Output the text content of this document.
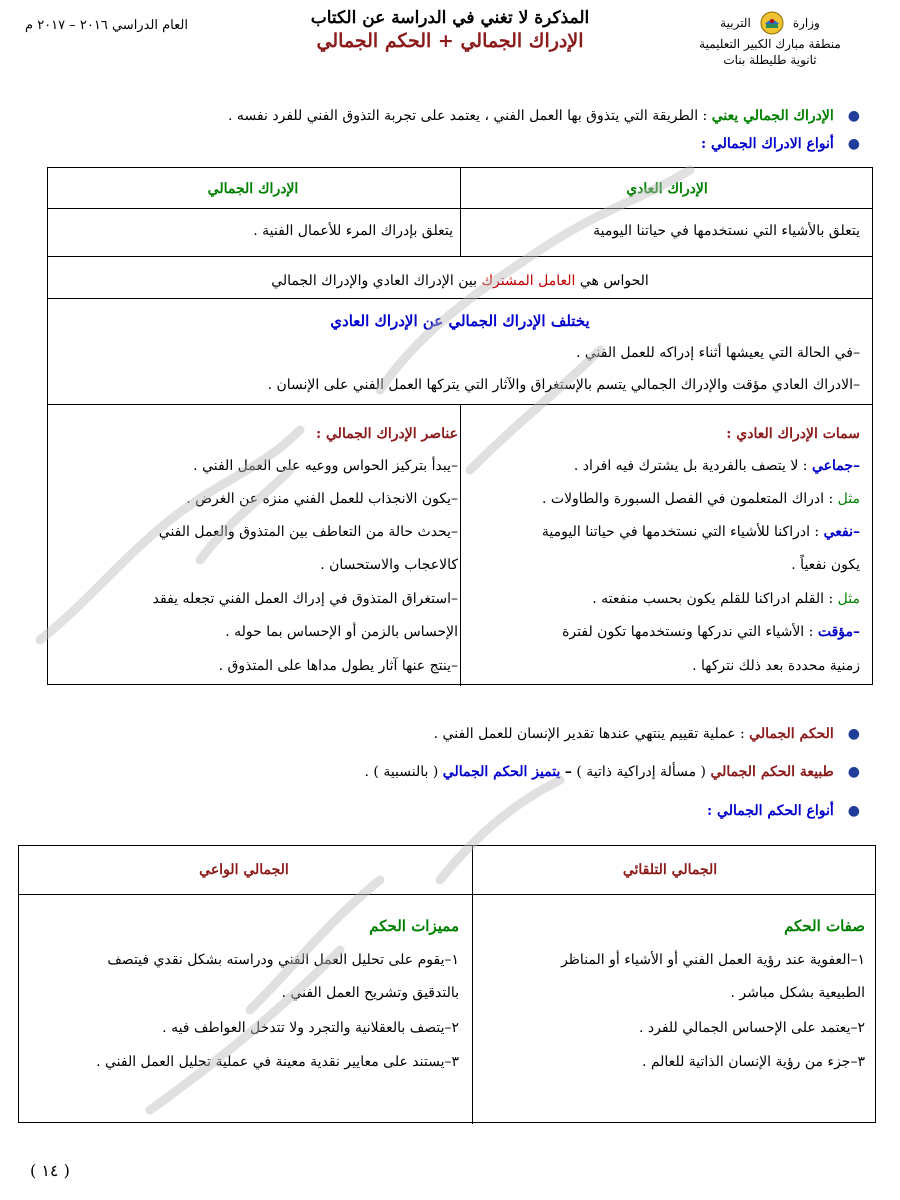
وزارة
التربية
منطقة مبارك الكبير التعليمية
ثانوية طليطلة بنات
المذكرة لا تغني في الدراسة عن الكتاب
الإدراك الجمالي + الحكم الجمالي
العام الدراسي ٢٠١٦ – ٢٠١٧ م
●الإدراك الجمالي يعني : الطريقة التي يتذوق بها العمل الفني ، يعتمد على تجربة التذوق الفني للفرد نفسه .
●أنواع الادراك الجمالي :
الإدراك العادي
الإدراك الجمالي
يتعلق بالأشياء التي نستخدمها في حياتنا اليومية
يتعلق بإدراك المرء للأعمال الفنية .
الحواس هي العامل المشترك بين الإدراك العادي والإدراك الجمالي
يختلف الإدراك الجمالي عن الإدراك العادي
–في الحالة التي يعيشها أثناء إدراكه للعمل الفني .
–الادراك العادي مؤقت والإدراك الجمالي يتسم بالإستغراق والآثار التي يتركها العمل الفني على الإنسان .
سمات الإدراك العادي :
–جماعي : لا يتصف بالفردية بل يشترك فيه افراد .
مثل : ادراك المتعلمون في الفصل السبورة والطاولات .
–نفعي : ادراكنا للأشياء التي نستخدمها في حياتنا اليومية
يكون نفعياً .
مثل : القلم ادراكنا للقلم يكون بحسب منفعته .
–مؤقت : الأشياء التي ندركها ونستخدمها تكون لفترة
زمنية محددة بعد ذلك نتركها .
عناصر الإدراك الجمالي :
–يبدأ بتركيز الحواس ووعيه على العمل الفني .
–يكون الانجذاب للعمل الفني منزه عن الغرض .
–يحدث حالة من التعاطف بين المتذوق والعمل الفني
كالاعجاب والاستحسان .
–استغراق المتذوق في إدراك العمل الفني تجعله يفقد
الإحساس بالزمن أو الإحساس بما حوله .
–ينتج عنها آثار يطول مداها على المتذوق .
●الحكم الجمالي : عملية تقييم ينتهي عندها تقدير الإنسان للعمل الفني .
●طبيعة الحكم الجمالي ( مسألة إدراكية ذاتية ) – يتميز الحكم الجمالي ( بالنسبية ) .
●أنواع الحكم الجمالي :
الجمالي التلقائي
الجمالي الواعي
صفات الحكم
١–العفوية عند رؤية العمل الفني أو الأشياء أو المناظر
الطبيعية بشكل مباشر .
٢–يعتمد على الإحساس الجمالي للفرد .
٣–جزء من رؤية الإنسان الذاتية للعالم .
مميزات الحكم
١–يقوم على تحليل العمل الفني ودراسته بشكل نقدي فيتصف
بالتدقيق وتشريح العمل الفني .
٢–يتصف بالعقلانية والتجرد ولا تتدخل العواطف فيه .
٣–يستند على معايير نقدية معينة في عملية تحليل العمل الفني .
( ١٤ )
